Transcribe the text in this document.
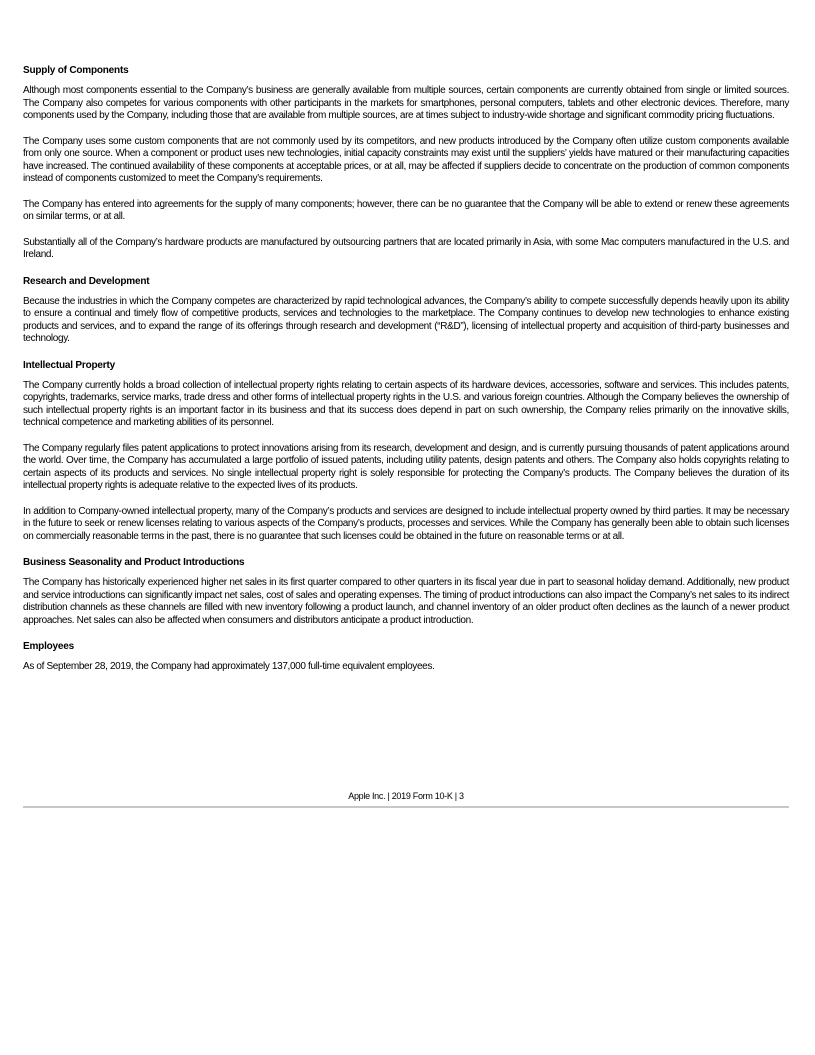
Supply of Components

Although most components essential to the Company’s business are generally available from multiple sources, certain components are currently obtained from single or limited sources. The Company also competes for various components with other participants in the markets for smartphones, personal computers, tablets and other electronic devices. Therefore, many components used by the Company, including those that are available from multiple sources, are at times subject to industry-wide shortage and significant commodity pricing fluctuations.

The Company uses some custom components that are not commonly used by its competitors, and new products introduced by the Company often utilize custom components available from only one source. When a component or product uses new technologies, initial capacity constraints may exist until the suppliers’ yields have matured or their manufacturing capacities have increased. The continued availability of these components at acceptable prices, or at all, may be affected if suppliers decide to concentrate on the production of common components instead of components customized to meet the Company’s requirements.

The Company has entered into agreements for the supply of many components; however, there can be no guarantee that the Company will be able to extend or renew these agreements on similar terms, or at all.

Substantially all of the Company’s hardware products are manufactured by outsourcing partners that are located primarily in Asia, with some Mac computers manufactured in the U.S. and Ireland.

Research and Development

Because the industries in which the Company competes are characterized by rapid technological advances, the Company’s ability to compete successfully depends heavily upon its ability to ensure a continual and timely flow of competitive products, services and technologies to the marketplace. The Company continues to develop new technologies to enhance existing products and services, and to expand the range of its offerings through research and development (“R&D”), licensing of intellectual property and acquisition of third-party businesses and technology.

Intellectual Property

The Company currently holds a broad collection of intellectual property rights relating to certain aspects of its hardware devices, accessories, software and services. This includes patents, copyrights, trademarks, service marks, trade dress and other forms of intellectual property rights in the U.S. and various foreign countries. Although the Company believes the ownership of such intellectual property rights is an important factor in its business and that its success does depend in part on such ownership, the Company relies primarily on the innovative skills, technical competence and marketing abilities of its personnel.

The Company regularly files patent applications to protect innovations arising from its research, development and design, and is currently pursuing thousands of patent applications around the world. Over time, the Company has accumulated a large portfolio of issued patents, including utility patents, design patents and others. The Company also holds copyrights relating to certain aspects of its products and services. No single intellectual property right is solely responsible for protecting the Company’s products. The Company believes the duration of its intellectual property rights is adequate relative to the expected lives of its products.

In addition to Company-owned intellectual property, many of the Company’s products and services are designed to include intellectual property owned by third parties. It may be necessary in the future to seek or renew licenses relating to various aspects of the Company’s products, processes and services. While the Company has generally been able to obtain such licenses on commercially reasonable terms in the past, there is no guarantee that such licenses could be obtained in the future on reasonable terms or at all.

Business Seasonality and Product Introductions

The Company has historically experienced higher net sales in its first quarter compared to other quarters in its fiscal year due in part to seasonal holiday demand. Additionally, new product and service introductions can significantly impact net sales, cost of sales and operating expenses. The timing of product introductions can also impact the Company’s net sales to its indirect distribution channels as these channels are filled with new inventory following a product launch, and channel inventory of an older product often declines as the launch of a newer product approaches. Net sales can also be affected when consumers and distributors anticipate a product introduction.

Employees

As of September 28, 2019, the Company had approximately 137,000 full-time equivalent employees.

Apple Inc. | 2019 Form 10-K | 3
